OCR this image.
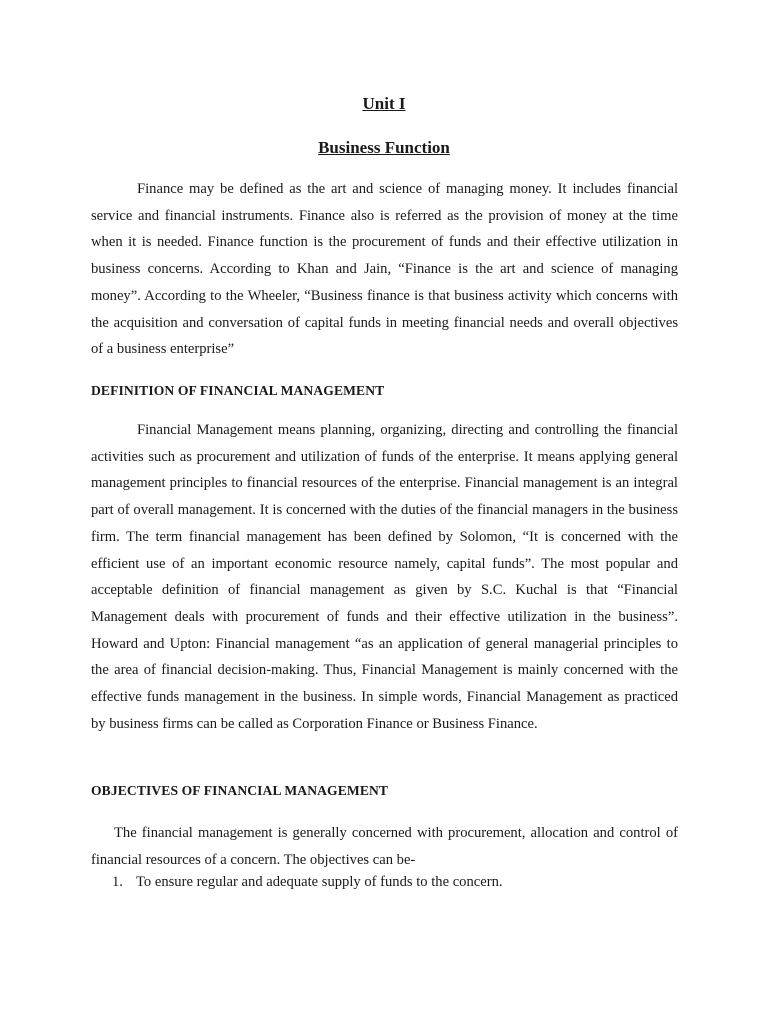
Unit I
Business Function

Finance may be defined as the art and science of managing money. It includes financial service and financial instruments. Finance also is referred as the provision of money at the time when it is needed. Finance function is the procurement of funds and their effective utilization in business concerns. According to Khan and Jain, “Finance is the art and science of managing money”. According to the Wheeler, “Business finance is that business activity which concerns with the acquisition and conversation of capital funds in meeting financial needs and overall objectives of a business enterprise”

DEFINITION OF FINANCIAL MANAGEMENT

Financial Management means planning, organizing, directing and controlling the financial activities such as procurement and utilization of funds of the enterprise. It means applying general management principles to financial resources of the enterprise. Financial management is an integral part of overall management. It is concerned with the duties of the financial managers in the business firm. The term financial management has been defined by Solomon, “It is concerned with the efficient use of an important economic resource namely, capital funds”. The most popular and acceptable definition of financial management as given by S.C. Kuchal is that “Financial Management deals with procurement of funds and their effective utilization in the business”. Howard and Upton: Financial management “as an application of general managerial principles to the area of financial decision-making. Thus, Financial Management is mainly concerned with the effective funds management in the business. In simple words, Financial Management as practiced by business firms can be called as Corporation Finance or Business Finance.

OBJECTIVES OF FINANCIAL MANAGEMENT

The financial management is generally concerned with procurement, allocation and control of financial resources of a concern. The objectives can be-

1. To ensure regular and adequate supply of funds to the concern.
